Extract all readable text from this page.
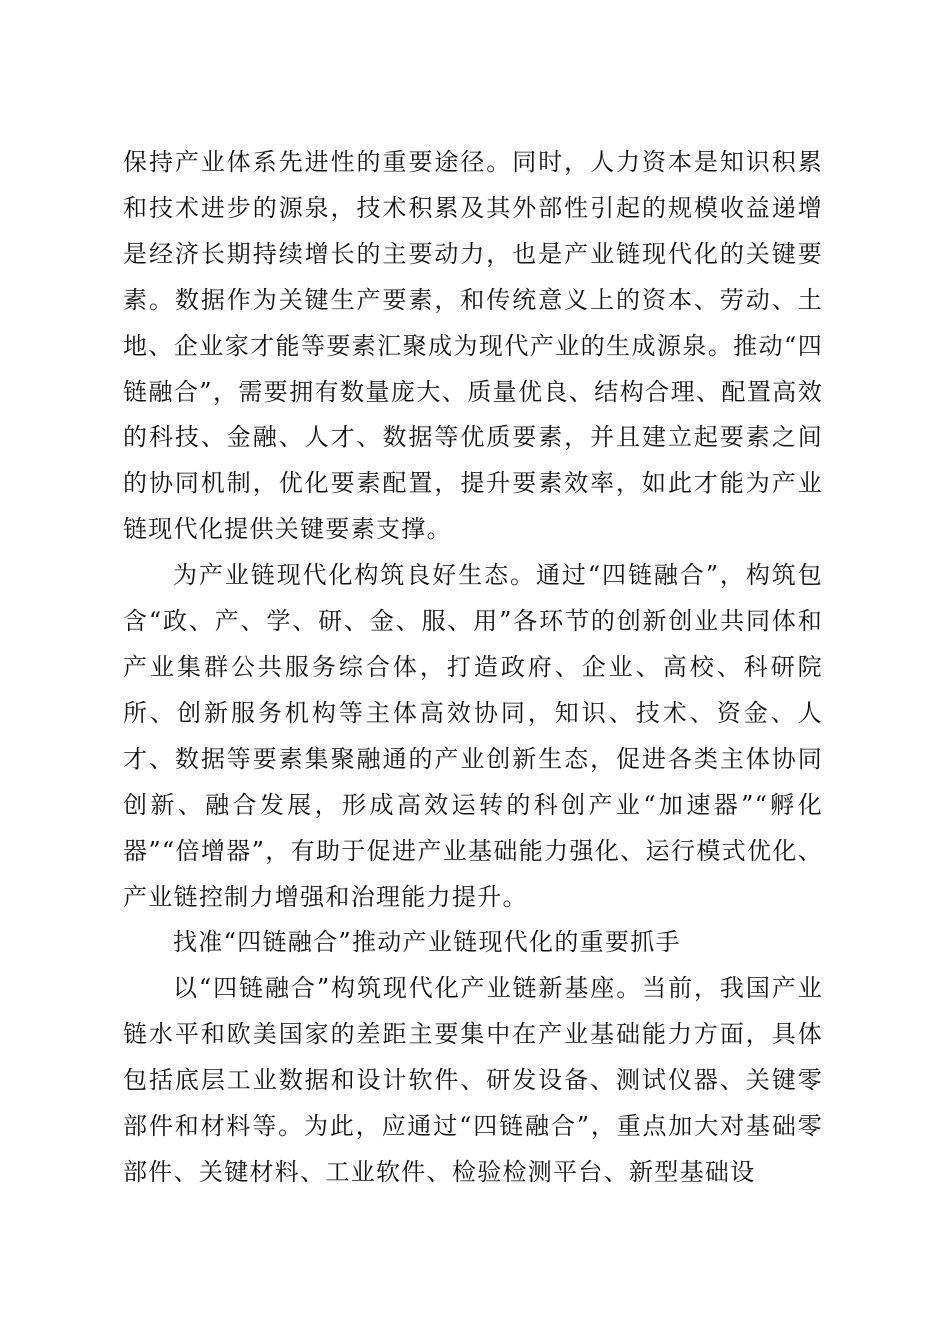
保持产业体系先进性的重要途径。同时，人力资本是知识积累和技术进步的源泉，技术积累及其外部性引起的规模收益递增是经济长期持续增长的主要动力，也是产业链现代化的关键要素。数据作为关键生产要素，和传统意义上的资本、劳动、土地、企业家才能等要素汇聚成为现代产业的生成源泉。推动“四链融合”，需要拥有数量庞大、质量优良、结构合理、配置高效的科技、金融、人才、数据等优质要素，并且建立起要素之间的协同机制，优化要素配置，提升要素效率，如此才能为产业链现代化提供关键要素支撑。

为产业链现代化构筑良好生态。通过“四链融合”，构筑包含“政、产、学、研、金、服、用”各环节的创新创业共同体和产业集群公共服务综合体，打造政府、企业、高校、科研院所、创新服务机构等主体高效协同，知识、技术、资金、人才、数据等要素集聚融通的产业创新生态，促进各类主体协同创新、融合发展，形成高效运转的科创产业“加速器”“孵化器”“倍增器”，有助于促进产业基础能力强化、运行模式优化、产业链控制力增强和治理能力提升。

找准“四链融合”推动产业链现代化的重要抓手

以“四链融合”构筑现代化产业链新基座。当前，我国产业链水平和欧美国家的差距主要集中在产业基础能力方面，具体包括底层工业数据和设计软件、研发设备、测试仪器、关键零部件和材料等。为此，应通过“四链融合”，重点加大对基础零部件、关键材料、工业软件、检验检测平台、新型基础设
